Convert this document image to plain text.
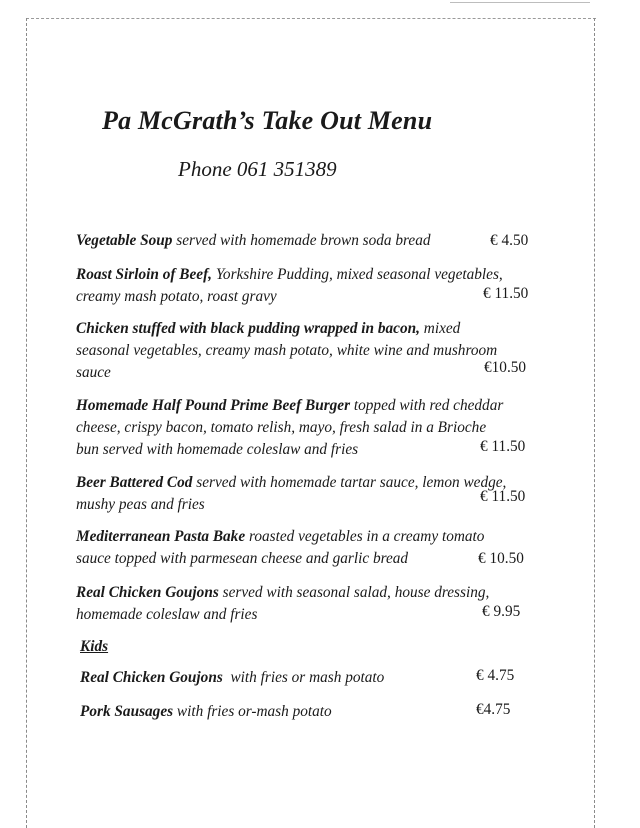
Pa McGrath’s Take Out Menu
Phone 061 351389
Vegetable Soup served with homemade brown soda bread	€ 4.50
Roast Sirloin of Beef, Yorkshire Pudding, mixed seasonal vegetables,
creamy mash potato, roast gravy	€ 11.50
Chicken stuffed with black pudding wrapped in bacon, mixed
seasonal vegetables, creamy mash potato, white wine and mushroom
sauce	€10.50
Homemade Half Pound Prime Beef Burger topped with red cheddar
cheese, crispy bacon, tomato relish, mayo, fresh salad in a Brioche
bun served with homemade coleslaw and fries	€ 11.50
Beer Battered Cod served with homemade tartar sauce, lemon wedge,
mushy peas and fries	€ 11.50
Mediterranean Pasta Bake roasted vegetables in a creamy tomato
sauce topped with parmesean cheese and garlic bread	€ 10.50
Real Chicken Goujons served with seasonal salad, house dressing,
homemade coleslaw and fries	€ 9.95
Kids
Real Chicken Goujons with fries or mash potato	€ 4.75
Pork Sausages with fries or-mash potato	€4.75
